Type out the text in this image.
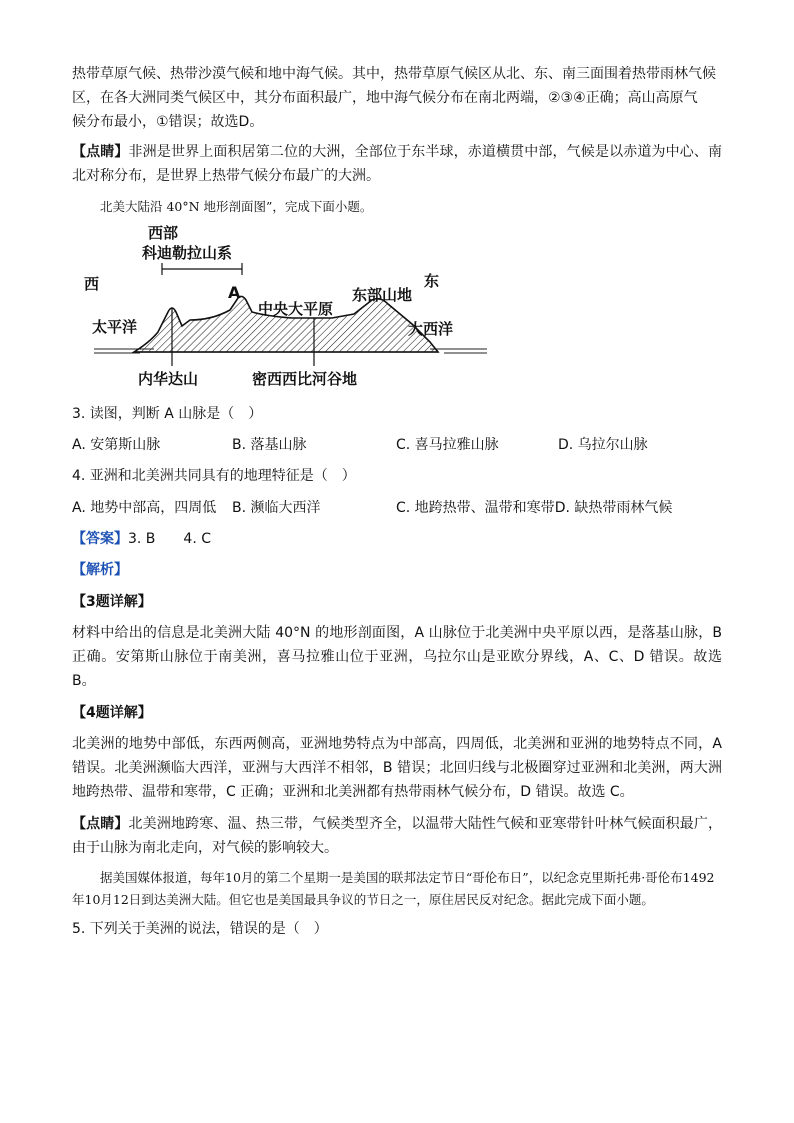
热带草原气候、热带沙漠气候和地中海气候。其中，热带草原气候区从北、东、南三面围着热带雨林气候
区，在各大洲同类气候区中，其分布面积最广，地中海气候分布在南北两端，②③④正确；高山高原气
候分布最小，①错误；故选D。

【点睛】非洲是世界上面积居第二位的大洲，全部位于东半球，赤道横贯中部，气候是以赤道为中心、南北对称分布，是世界上热带气候分布最广的大洲。

北美大陆沿 40°N 地形剖面图”，完成下面小题。

西部
科迪勒拉山系
西	东
A
中央大平原
东部山地
太平洋	大西洋
内华达山	密西西比河谷地

3. 读图，判断 A 山脉是（　）

A. 安第斯山脉	B. 落基山脉	C. 喜马拉雅山脉	D. 乌拉尔山脉

4. 亚洲和北美洲共同具有的地理特征是（　）

A. 地势中部高，四周低	B. 濒临大西洋	C. 地跨热带、温带和寒带 D. 缺热带雨林气候

【答案】3. B　　4. C

【解析】

【3题详解】

材料中给出的信息是北美洲大陆 40°N 的地形剖面图，A 山脉位于北美洲中央平原以西，是落基山脉，B 正确。安第斯山脉位于南美洲，喜马拉雅山位于亚洲，乌拉尔山是亚欧分界线，A、C、D 错误。故选 B。

【4题详解】

北美洲的地势中部低，东西两侧高，亚洲地势特点为中部高，四周低，北美洲和亚洲的地势特点不同，A 错误。北美洲濒临大西洋，亚洲与大西洋不相邻，B 错误；北回归线与北极圈穿过亚洲和北美洲，两大洲地跨热带、温带和寒带，C 正确；亚洲和北美洲都有热带雨林气候分布，D 错误。故选 C。

【点睛】北美洲地跨寒、温、热三带，气候类型齐全，以温带大陆性气候和亚寒带针叶林气候面积最广，由于山脉为南北走向，对气候的影响较大。

据美国媒体报道，每年10月的第二个星期一是美国的联邦法定节日“哥伦布日”，以纪念克里斯托弗·哥伦布1492年10月12日到达美洲大陆。但它也是美国最具争议的节日之一，原住居民反对纪念。据此完成下面小题。

5. 下列关于美洲的说法，错误的是（　）
